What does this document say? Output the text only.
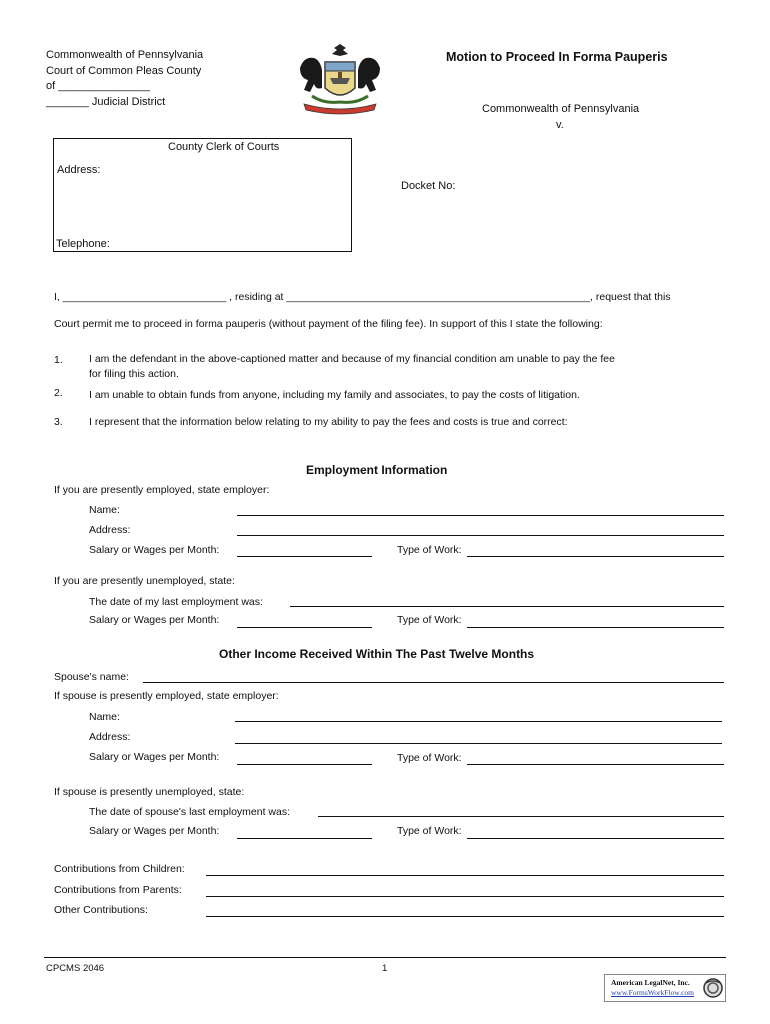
Commonwealth of Pennsylvania
Court of Common Pleas County
of _______________
_______ Judicial District
Motion to Proceed In Forma Pauperis
Commonwealth of Pennsylvania
v.
County Clerk of Courts
Address:
Telephone:
Docket No:
I, ____________________________ , residing at ____________________________________________________, request that this
Court permit me to proceed in forma pauperis (without payment of the filing fee). In support of this I state the following:
1. I am the defendant in the above-captioned matter and because of my financial condition am unable to pay the fee for filing this action.
2. I am unable to obtain funds from anyone, including my family and associates, to pay the costs of litigation.
3. I represent that the information below relating to my ability to pay the fees and costs is true and correct:
Employment Information
If you are presently employed, state employer:
Name:
Address:
Salary or Wages per Month:	Type of Work:
If you are presently unemployed, state:
The date of my last employment was:
Salary or Wages per Month:	Type of Work:
Other Income Received Within The Past Twelve Months
Spouse's name:
If spouse is presently employed, state employer:
Name:
Address:
Salary or Wages per Month:	Type of Work:
If spouse is presently unemployed, state:
The date of spouse's last employment was:
Salary or Wages per Month:	Type of Work:
Contributions from Children:
Contributions from Parents:
Other Contributions:
CPCMS 2046	1
American LegalNet, Inc.
www.FormsWorkFlow.com
